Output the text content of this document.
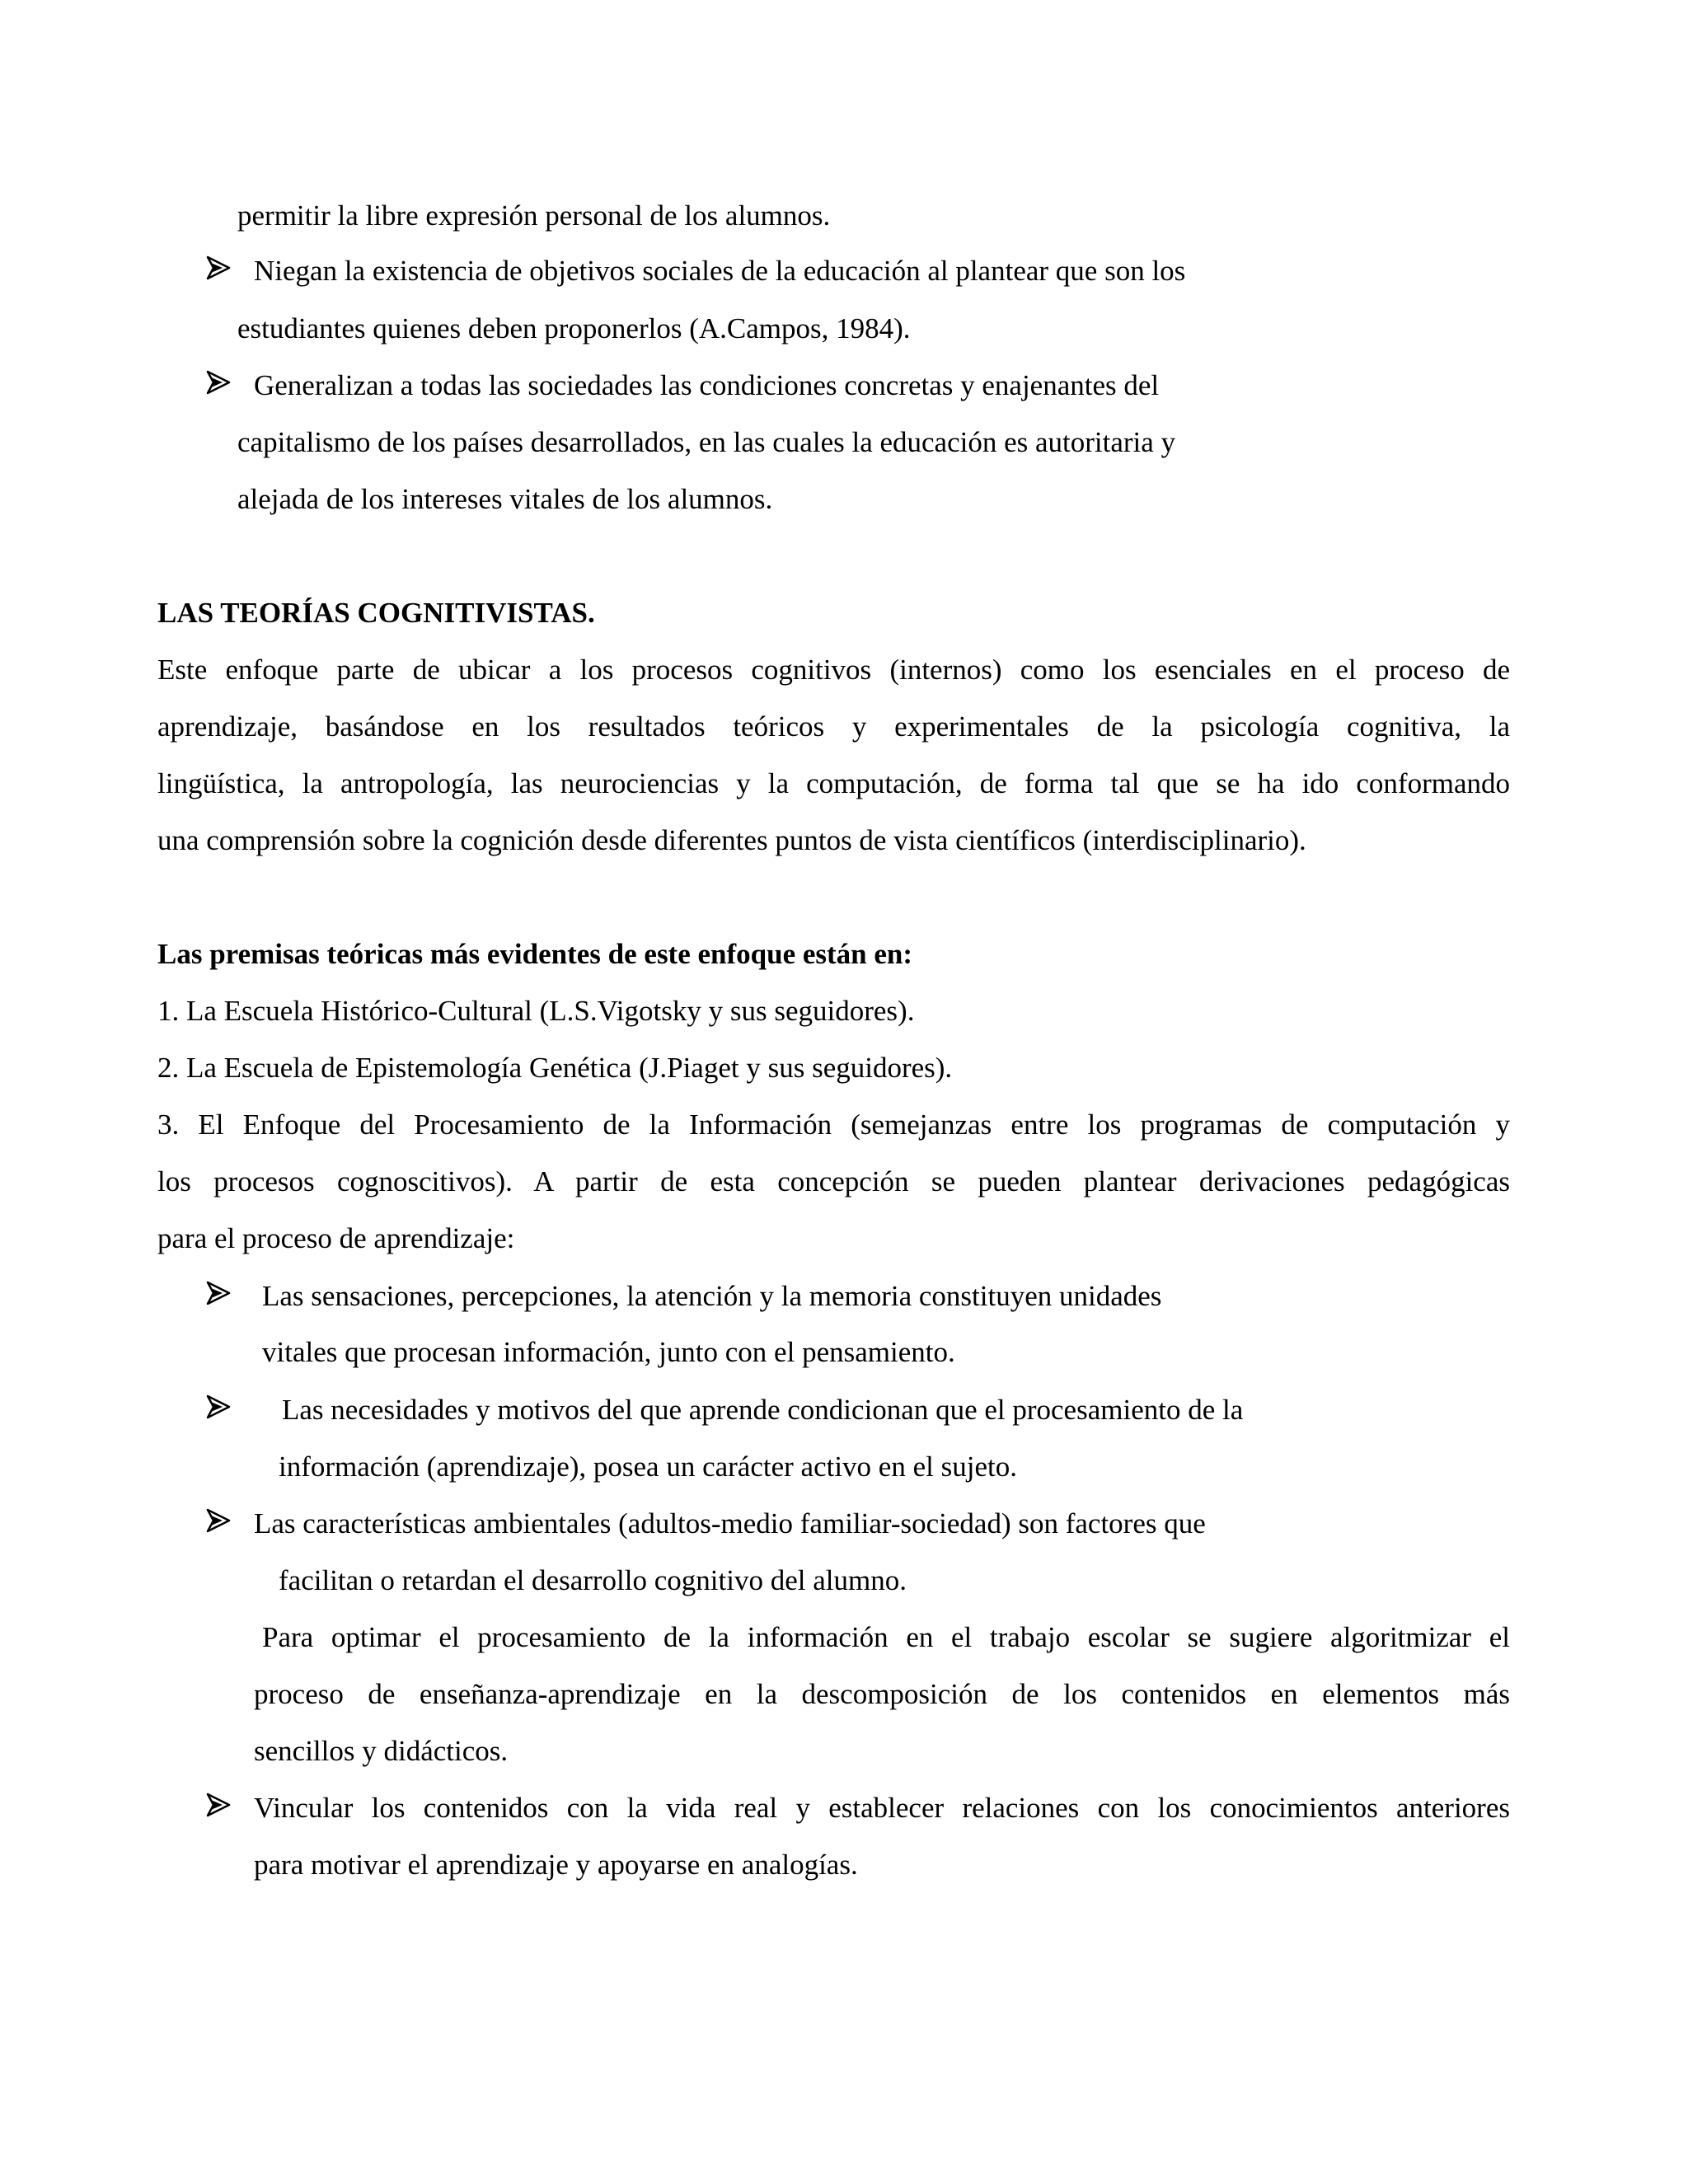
permitir la libre expresión personal de los alumnos.
Niegan la existencia de objetivos sociales de la educación al plantear que son los
estudiantes quienes deben proponerlos (A.Campos, 1984).
Generalizan a todas las sociedades las condiciones concretas y enajenantes del
capitalismo de los países desarrollados, en las cuales la educación es autoritaria y
alejada de los intereses vitales de los alumnos.
LAS TEORÍAS COGNITIVISTAS.
Este enfoque parte de ubicar a los procesos cognitivos (internos) como los esenciales en el proceso de
aprendizaje, basándose en los resultados teóricos y experimentales de la psicología cognitiva, la
lingüística, la antropología, las neurociencias y la computación, de forma tal que se ha ido conformando
una comprensión sobre la cognición desde diferentes puntos de vista científicos (interdisciplinario).
Las premisas teóricas más evidentes de este enfoque están en:
1. La Escuela Histórico-Cultural (L.S.Vigotsky y sus seguidores).
2. La Escuela de Epistemología Genética (J.Piaget y sus seguidores).
3. El Enfoque del Procesamiento de la Información (semejanzas entre los programas de computación y
los procesos cognoscitivos). A partir de esta concepción se pueden plantear derivaciones pedagógicas
para el proceso de aprendizaje:
Las sensaciones, percepciones, la atención y la memoria constituyen unidades
vitales que procesan información, junto con el pensamiento.
Las necesidades y motivos del que aprende condicionan que el procesamiento de la
información (aprendizaje), posea un carácter activo en el sujeto.
Las características ambientales (adultos-medio familiar-sociedad) son factores que
facilitan o retardan el desarrollo cognitivo del alumno.
Para optimar el procesamiento de la información en el trabajo escolar se sugiere algoritmizar el
proceso de enseñanza-aprendizaje en la descomposición de los contenidos en elementos más
sencillos y didácticos.
Vincular los contenidos con la vida real y establecer relaciones con los conocimientos anteriores
para motivar el aprendizaje y apoyarse en analogías.
